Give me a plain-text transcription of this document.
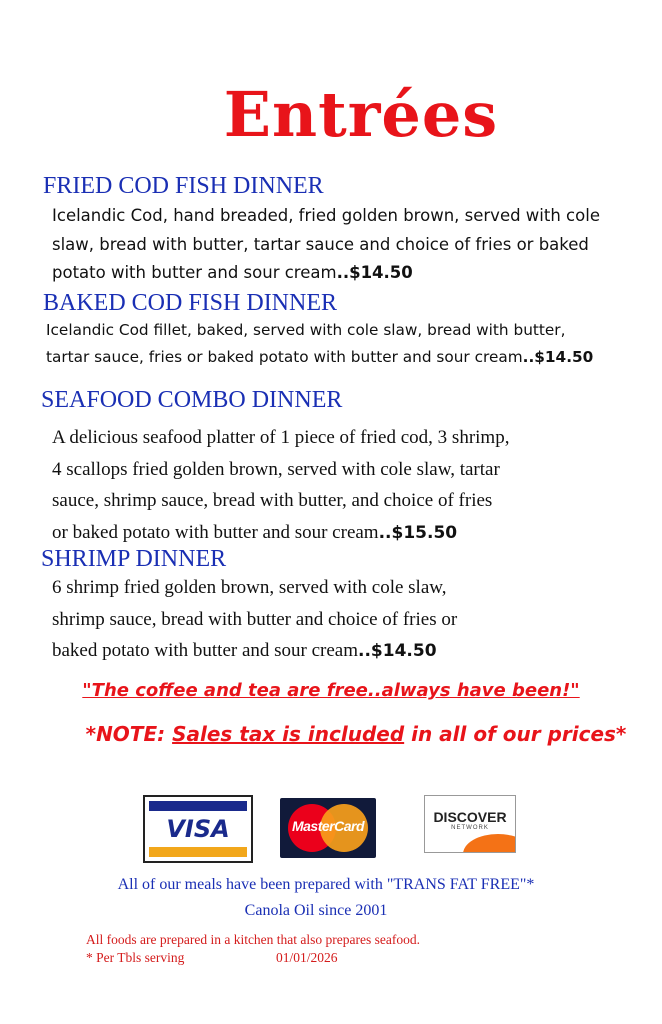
Entrées
FRIED COD FISH DINNER
Icelandic Cod, hand breaded, fried golden brown, served with cole
slaw, bread with butter, tartar sauce and choice of fries or baked
potato with butter and sour cream..$14.50
BAKED COD FISH DINNER
Icelandic Cod fillet, baked, served with cole slaw, bread with butter,
tartar sauce, fries or baked potato with butter and sour cream..$14.50
SEAFOOD COMBO DINNER
A delicious seafood platter of 1 piece of fried cod, 3 shrimp,
4 scallops fried golden brown, served with cole slaw, tartar
sauce, shrimp sauce, bread with butter, and choice of fries
or baked potato with butter and sour cream..$15.50
SHRIMP DINNER
6 shrimp fried golden brown, served with cole slaw,
shrimp sauce, bread with butter and choice of fries or
baked potato with butter and sour cream..$14.50
"The coffee and tea are free..always have been!"
*NOTE: Sales tax is included in all of our prices*
VISA	MasterCard
DISCOVER
NETWORK
All of our meals have been prepared with "TRANS FAT FREE"*
Canola Oil since 2001
All foods are prepared in a kitchen that also prepares seafood.
* Per Tbls serving	01/01/2026
